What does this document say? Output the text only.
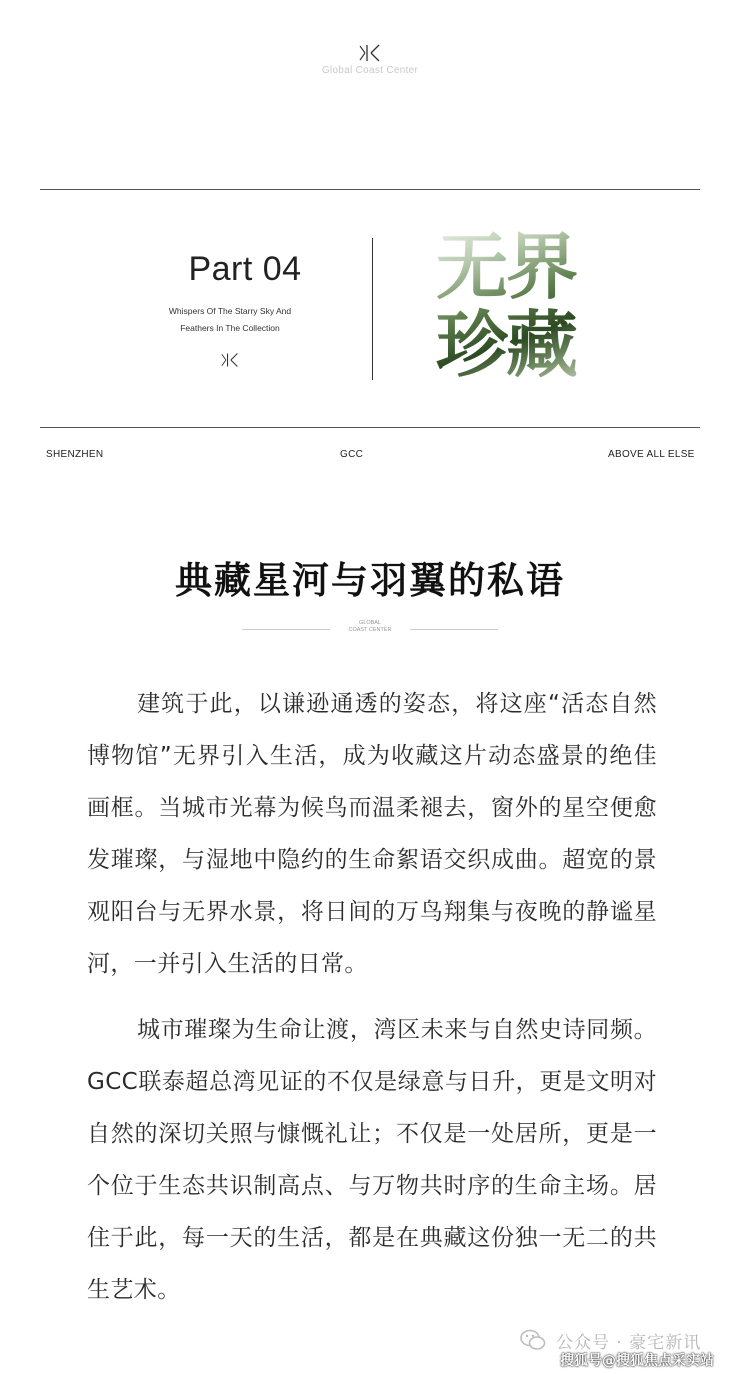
Global Coast Center
Part 04
Whispers Of The Starry Sky And
Feathers In The Collection
无界
珍藏
SHENZHEN	GCC	ABOVE ALL ELSE
典藏星河与羽翼的私语
GLOBAL
COAST CENTER

建筑于此，以谦逊通透的姿态，将这座“活态自然博物馆”无界引入生活，成为收藏这片动态盛景的绝佳画框。当城市光幕为候鸟而温柔褪去，窗外的星空便愈发璀璨，与湿地中隐约的生命絮语交织成曲。超宽的景观阳台与无界水景，将日间的万鸟翔集与夜晚的静谧星河，一并引入生活的日常。

城市璀璨为生命让渡，湾区未来与自然史诗同频。GCC联泰超总湾见证的不仅是绿意与日升，更是文明对自然的深切关照与慷慨礼让；不仅是一处居所，更是一个位于生态共识制高点、与万物共时序的生命主场。居住于此，每一天的生活，都是在典藏这份独一无二的共生艺术。

公众号 · 豪宅新讯
搜狐号@搜狐焦点采实站
